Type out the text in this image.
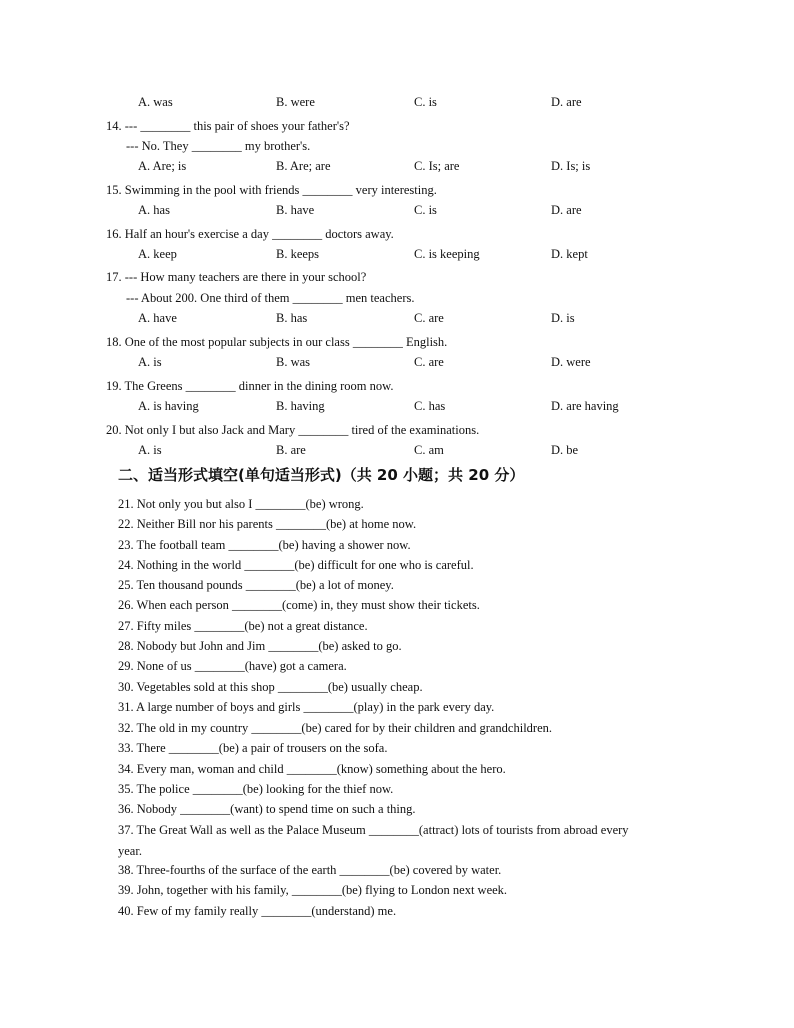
A. was	B. were	C. is	D. are
14. --- ________ this pair of shoes your father's?
--- No. They ________ my brother's.
A. Are; is	B. Are; are	C. Is; are	D. Is; is
15. Swimming in the pool with friends ________ very interesting.
A. has	B. have	C. is	D. are
16. Half an hour's exercise a day ________ doctors away.
A. keep	B. keeps	C. is keeping	D. kept
17. --- How many teachers are there in your school?
--- About 200. One third of them ________ men teachers.
A. have	B. has	C. are	D. is
18. One of the most popular subjects in our class ________ English.
A. is	B. was	C. are	D. were
19. The Greens ________ dinner in the dining room now.
A. is having	B. having	C. has	D. are having
20. Not only I but also Jack and Mary ________ tired of the examinations.
A. is	B. are	C. am	D. be
二、适当形式填空(单句适当形式)（共 20 小题；共 20 分）
21. Not only you but also I ________(be) wrong.
22. Neither Bill nor his parents ________(be) at home now.
23. The football team ________(be) having a shower now.
24. Nothing in the world ________(be) difficult for one who is careful.
25. Ten thousand pounds ________(be) a lot of money.
26. When each person ________(come) in, they must show their tickets.
27. Fifty miles ________(be) not a great distance.
28. Nobody but John and Jim ________(be) asked to go.
29. None of us ________(have) got a camera.
30. Vegetables sold at this shop ________(be) usually cheap.
31. A large number of boys and girls ________(play) in the park every day.
32. The old in my country ________(be) cared for by their children and grandchildren.
33. There ________(be) a pair of trousers on the sofa.
34. Every man, woman and child ________(know) something about the hero.
35. The police ________(be) looking for the thief now.
36. Nobody ________(want) to spend time on such a thing.
37. The Great Wall as well as the Palace Museum ________(attract) lots of tourists from abroad every
year.
38. Three-fourths of the surface of the earth ________(be) covered by water.
39. John, together with his family, ________(be) flying to London next week.
40. Few of my family really ________(understand) me.
